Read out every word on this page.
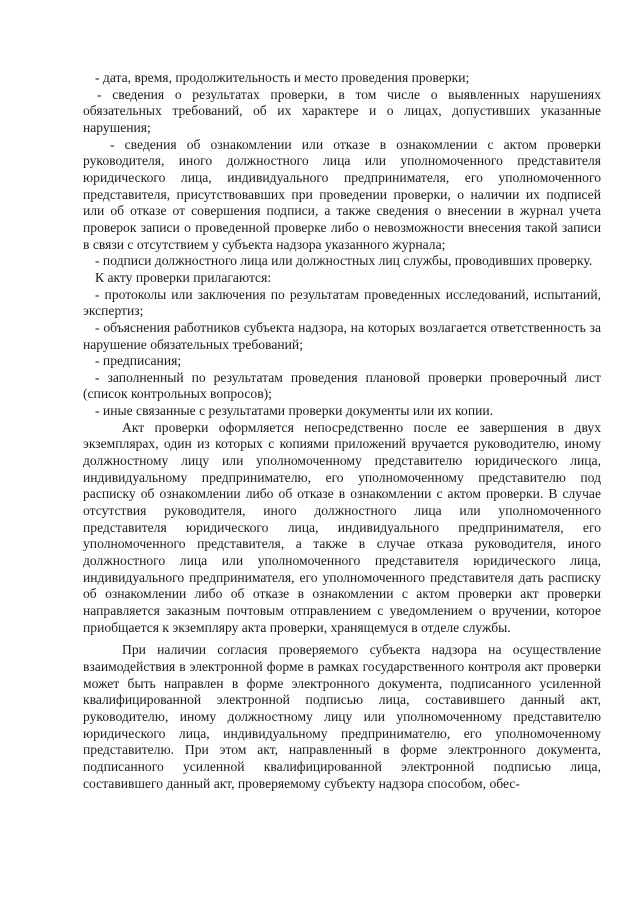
- дата, время, продолжительность и место проведения проверки;

- сведения о результатах проверки, в том числе о выявленных нарушениях обязательных требований, об их характере и о лицах, допустивших указанные нарушения;

- сведения об ознакомлении или отказе в ознакомлении с актом проверки руководителя, иного должностного лица или уполномоченного представителя юридического лица, индивидуального предпринимателя, его уполномоченного представителя, присутствовавших при проведении проверки, о наличии их подписей или об отказе от совершения подписи, а также сведения о внесении в журнал учета проверок записи о проведенной проверке либо о невозможности внесения такой записи в связи с отсутствием у субъекта надзора указанного журнала;

- подписи должностного лица или должностных лиц службы, проводивших проверку.

К акту проверки прилагаются:

- протоколы или заключения по результатам проведенных исследований, испытаний, экспертиз;

- объяснения работников субъекта надзора, на которых возлагается ответственность за нарушение обязательных требований;

- предписания;

- заполненный по результатам проведения плановой проверки проверочный лист (список контрольных вопросов);

- иные связанные с результатами проверки документы или их копии.

Акт проверки оформляется непосредственно после ее завершения в двух экземплярах, один из которых с копиями приложений вручается руководителю, иному должностному лицу или уполномоченному представителю юридического лица, индивидуальному предпринимателю, его уполномоченному представителю под расписку об ознакомлении либо об отказе в ознакомлении с актом проверки. В случае отсутствия руководителя, иного должностного лица или уполномоченного представителя юридического лица, индивидуального предпринимателя, его уполномоченного представителя, а также в случае отказа руководителя, иного должностного лица или уполномоченного представителя юридического лица, индивидуального предпринимателя, его уполномоченного представителя дать расписку об ознакомлении либо об отказе в ознакомлении с актом проверки акт проверки направляется заказным почтовым отправлением с уведомлением о вручении, которое приобщается к экземпляру акта проверки, хранящемуся в отделе службы.

При наличии согласия проверяемого субъекта надзора на осуществление взаимодействия в электронной форме в рамках государственного контроля акт проверки может быть направлен в форме электронного документа, подписанного усиленной квалифицированной электронной подписью лица, составившего данный акт, руководителю, иному должностному лицу или уполномоченному представителю юридического лица, индивидуальному предпринимателю, его уполномоченному представителю. При этом акт, направленный в форме электронного документа, подписанного усиленной квалифицированной электронной подписью лица, составившего данный акт, проверяемому субъекту надзора способом, обес-
